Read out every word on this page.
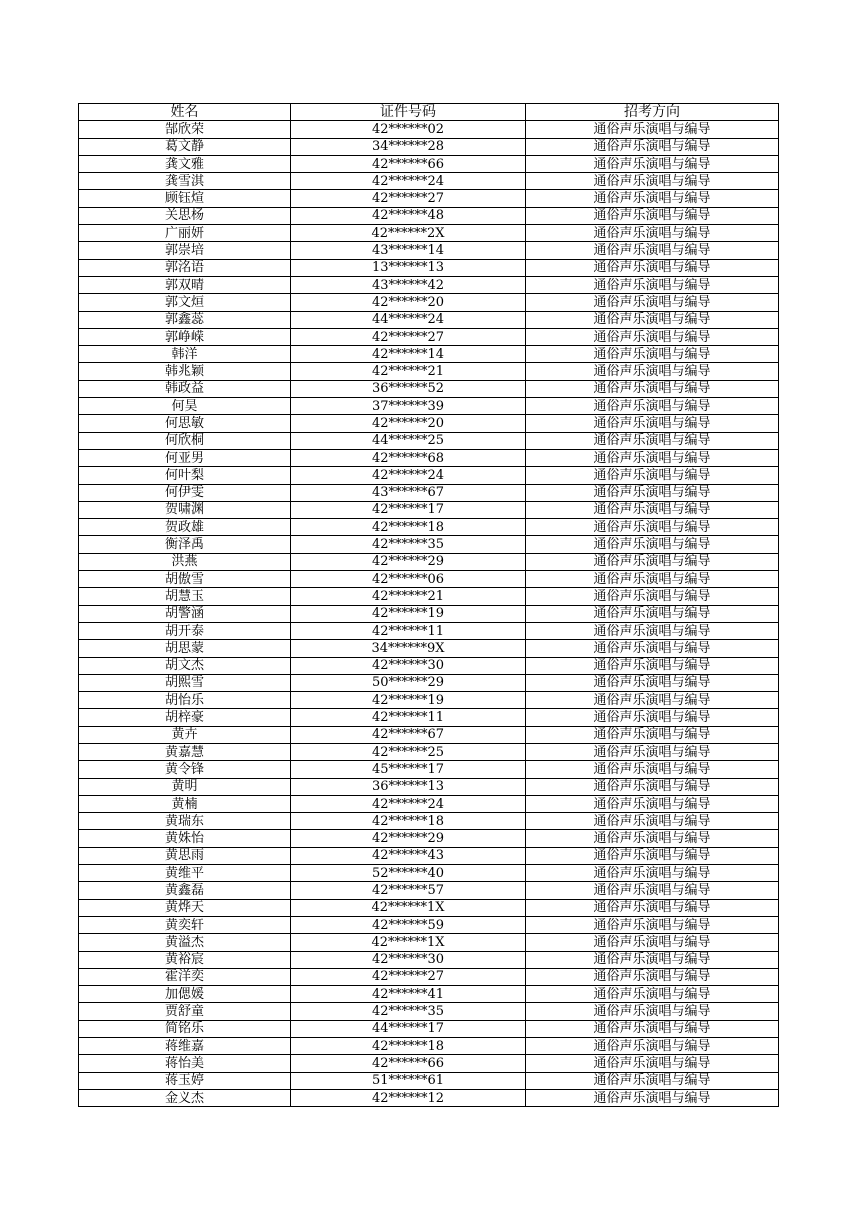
姓名	证件号码	招考方向
郜欣荣	42******02	通俗声乐演唱与编导
葛文静	34******28	通俗声乐演唱与编导
龚文雅	42******66	通俗声乐演唱与编导
龚雪淇	42******24	通俗声乐演唱与编导
顾钰煊	42******27	通俗声乐演唱与编导
关思杨	42******48	通俗声乐演唱与编导
广丽妍	42******2X	通俗声乐演唱与编导
郭崇培	43******14	通俗声乐演唱与编导
郭洺语	13******13	通俗声乐演唱与编导
郭双晴	43******42	通俗声乐演唱与编导
郭文烜	42******20	通俗声乐演唱与编导
郭鑫蕊	44******24	通俗声乐演唱与编导
郭峥嵘	42******27	通俗声乐演唱与编导
韩洋	42******14	通俗声乐演唱与编导
韩兆颖	42******21	通俗声乐演唱与编导
韩政益	36******52	通俗声乐演唱与编导
何昊	37******39	通俗声乐演唱与编导
何思敏	42******20	通俗声乐演唱与编导
何欣桐	44******25	通俗声乐演唱与编导
何亚男	42******68	通俗声乐演唱与编导
何叶梨	42******24	通俗声乐演唱与编导
何伊雯	43******67	通俗声乐演唱与编导
贺啸渊	42******17	通俗声乐演唱与编导
贺政雄	42******18	通俗声乐演唱与编导
衡泽禹	42******35	通俗声乐演唱与编导
洪燕	42******29	通俗声乐演唱与编导
胡傲雪	42******06	通俗声乐演唱与编导
胡慧玉	42******21	通俗声乐演唱与编导
胡警涵	42******19	通俗声乐演唱与编导
胡开泰	42******11	通俗声乐演唱与编导
胡思蒙	34******9X	通俗声乐演唱与编导
胡文杰	42******30	通俗声乐演唱与编导
胡熙雪	50******29	通俗声乐演唱与编导
胡怡乐	42******19	通俗声乐演唱与编导
胡梓豪	42******11	通俗声乐演唱与编导
黄卉	42******67	通俗声乐演唱与编导
黄嘉慧	42******25	通俗声乐演唱与编导
黄令锋	45******17	通俗声乐演唱与编导
黄明	36******13	通俗声乐演唱与编导
黄楠	42******24	通俗声乐演唱与编导
黄瑞东	42******18	通俗声乐演唱与编导
黄姝怡	42******29	通俗声乐演唱与编导
黄思雨	42******43	通俗声乐演唱与编导
黄维平	52******40	通俗声乐演唱与编导
黄鑫磊	42******57	通俗声乐演唱与编导
黄烨天	42******1X	通俗声乐演唱与编导
黄奕轩	42******59	通俗声乐演唱与编导
黄溢杰	42******1X	通俗声乐演唱与编导
黄裕宸	42******30	通俗声乐演唱与编导
霍洋奕	42******27	通俗声乐演唱与编导
加偲媛	42******41	通俗声乐演唱与编导
贾舒童	42******35	通俗声乐演唱与编导
简铭乐	44******17	通俗声乐演唱与编导
蒋维嘉	42******18	通俗声乐演唱与编导
蒋怡美	42******66	通俗声乐演唱与编导
蒋玉婷	51******61	通俗声乐演唱与编导
金义杰	42******12	通俗声乐演唱与编导
